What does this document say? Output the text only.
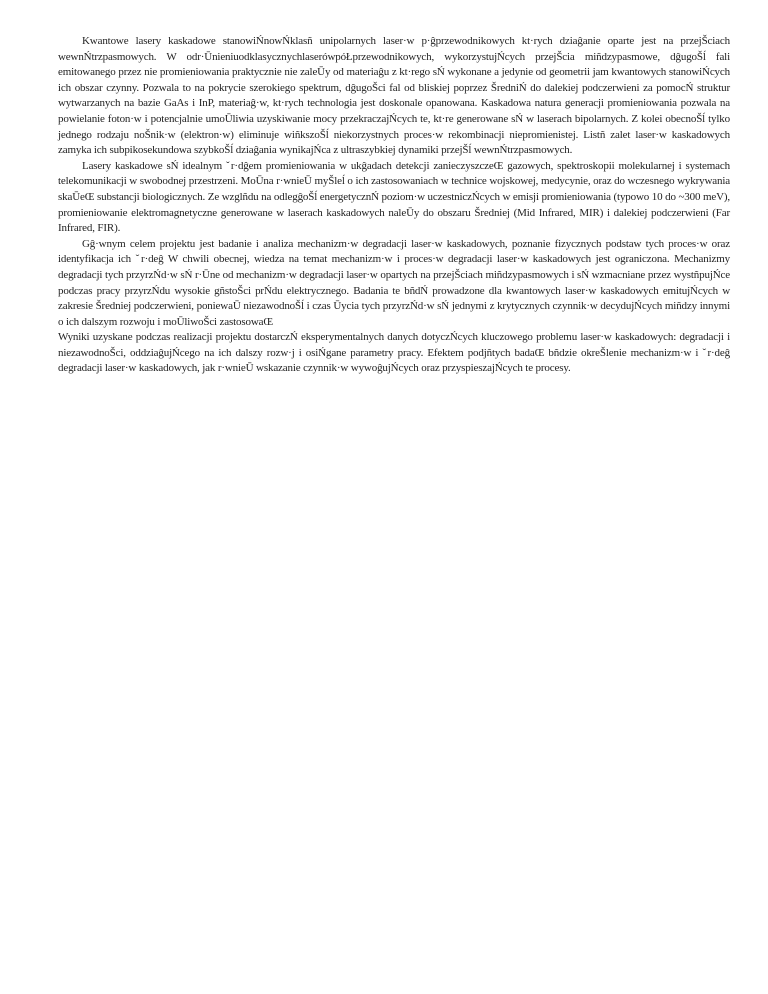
Kwantowe lasery kaskadowe stanowiŃnowŃklasñ unipolarnych laser·w p·ĝprzewodnikowych kt·rych dziaĝanie oparte jest na przejŠciach wewnŃtrzpasmowych. W odr·ŪnieniuodklasycznychlaserówpóŁprzewodnikowych, wykorzystujŃcych przejŠcia miñdzypasmowe, dĝugoŠĺ fali emitowanego przez nie promieniowania praktycznie nie zaleŪy od materiaĝu z kt·rego sŃ wykonane a jedynie od geometrii jam kwantowych stanowiŃcych ich obszar czynny. Pozwala to na pokrycie szerokiego spektrum, dĝugoŠci fal od bliskiej poprzez ŠredniŃ do dalekiej podczerwieni za pomocŃ struktur wytwarzanych na bazie GaAs i InP, materiaĝ·w, kt·rych technologia jest doskonale opanowana. Kaskadowa natura generacji promieniowania pozwala na powielanie foton·w i potencjalnie umoŪliwia uzyskiwanie mocy przekraczajŃcych te, kt·re generowane sŃ w laserach bipolarnych. Z kolei obecnoŠĺ tylko jednego rodzaju noŠnik·w (elektron·w) eliminuje wiñkszoŠĺ niekorzystnych proces·w rekombinacji niepromienistej. Listñ zalet laser·w kaskadowych zamyka ich subpikosekundowa szybkoŠĺ dziaĝania wynikajŃca z ultraszybkiej dynamiki przejŠĺ wewnŃtrzpasmowych.

Lasery kaskadowe sŃ idealnym ˇr·dĝem promieniowania w ukĝadach detekcji zanieczyszczeŒ gazowych, spektroskopii molekularnej i systemach telekomunikacji w swobodnej przestrzeni. MoŪna r·wnieŪ myŠleĺ o ich zastosowaniach w technice wojskowej, medycynie, oraz do wczesnego wykrywania skaŪeŒ substancji biologicznych. Ze wzglñdu na odlegĝoŠĺ energetycznŃ poziom·w uczestniczŃcych w emisji promieniowania (typowo 10 do ~300 meV), promieniowanie elektromagnetyczne generowane w laserach kaskadowych naleŪy do obszaru Šredniej (Mid Infrared, MIR) i dalekiej podczerwieni (Far Infrared, FIR).

Gĝ·wnym celem projektu jest badanie i analiza mechanizm·w degradacji laser·w kaskadowych, poznanie fizycznych podstaw tych proces·w oraz identyfikacja ich ˇr·deĝ W chwili obecnej, wiedza na temat mechanizm·w i proces·w degradacji laser·w kaskadowych jest ograniczona. Mechanizmy degradacji tych przyrzŃd·w sŃ r·Ūne od mechanizm·w degradacji laser·w opartych na przejŠciach miñdzypasmowych i sŃ wzmacniane przez wystñpujŃce podczas pracy przyrzŃdu wysokie gñstoŠci prŃdu elektrycznego. Badania te bñdŃ prowadzone dla kwantowych laser·w kaskadowych emitujŃcych w zakresie Šredniej podczerwieni, poniewaŪ niezawodnoŠĺ i czas Ūycia tych przyrzŃd·w sŃ jednymi z krytycznych czynnik·w decydujŃcych miñdzy innymi o ich dalszym rozwoju i moŪliwoŠci zastosowaŒ

Wyniki uzyskane podczas realizacji projektu dostarczŃ eksperymentalnych danych dotyczŃcych kluczowego problemu laser·w kaskadowych: degradacji i niezawodnoŠci, oddziaĝujŃcego na ich dalszy rozw·j i osiŃgane parametry pracy. Efektem podjñtych badaŒ bñdzie okreŠlenie mechanizm·w i ˇr·deĝ degradacji laser·w kaskadowych, jak r·wnieŪ wskazanie czynnik·w wywoĝujŃcych oraz przyspieszajŃcych te procesy.
